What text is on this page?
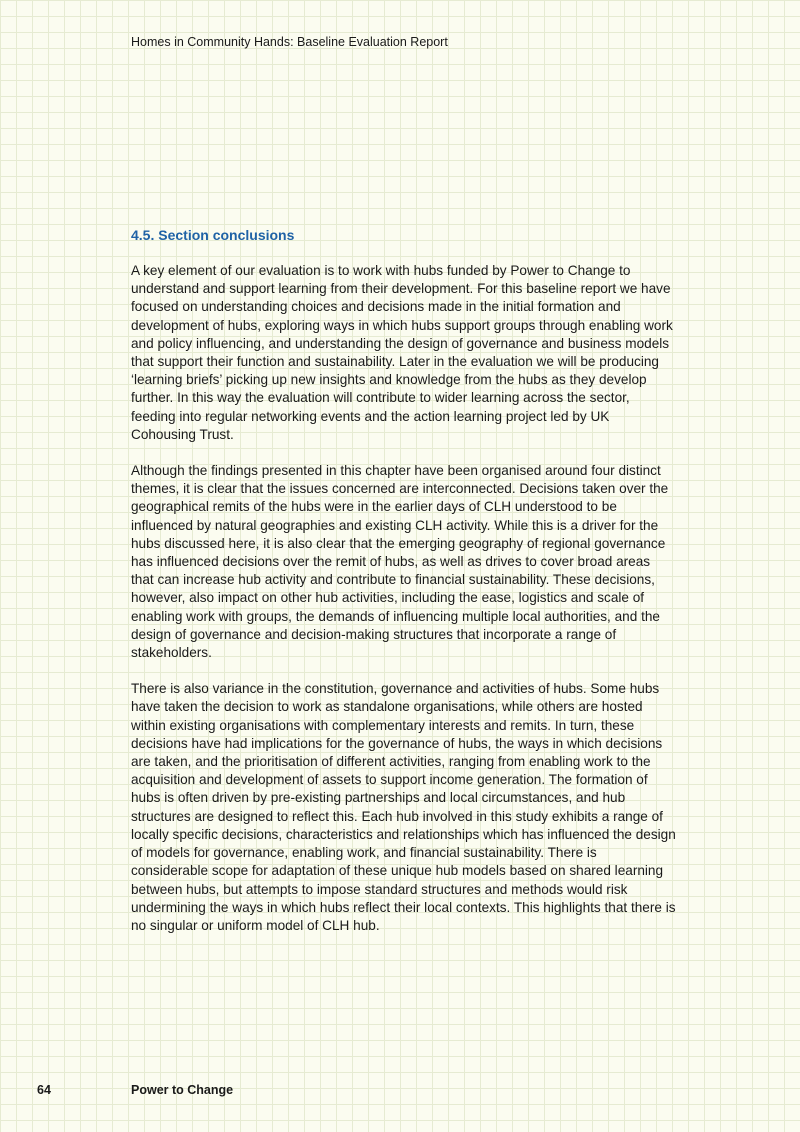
Homes in Community Hands: Baseline Evaluation Report
4.5. Section conclusions

A key element of our evaluation is to work with hubs funded by Power to Change to understand and support learning from their development. For this baseline report we have focused on understanding choices and decisions made in the initial formation and development of hubs, exploring ways in which hubs support groups through enabling work and policy influencing, and understanding the design of governance and business models that support their function and sustainability. Later in the evaluation we will be producing ‘learning briefs’ picking up new insights and knowledge from the hubs as they develop further. In this way the evaluation will contribute to wider learning across the sector, feeding into regular networking events and the action learning project led by UK Cohousing Trust.

Although the findings presented in this chapter have been organised around four distinct themes, it is clear that the issues concerned are interconnected. Decisions taken over the geographical remits of the hubs were in the earlier days of CLH understood to be influenced by natural geographies and existing CLH activity. While this is a driver for the hubs discussed here, it is also clear that the emerging geography of regional governance has influenced decisions over the remit of hubs, as well as drives to cover broad areas that can increase hub activity and contribute to financial sustainability. These decisions, however, also impact on other hub activities, including the ease, logistics and scale of enabling work with groups, the demands of influencing multiple local authorities, and the design of governance and decision-making structures that incorporate a range of stakeholders.

There is also variance in the constitution, governance and activities of hubs. Some hubs have taken the decision to work as standalone organisations, while others are hosted within existing organisations with complementary interests and remits. In turn, these decisions have had implications for the governance of hubs, the ways in which decisions are taken, and the prioritisation of different activities, ranging from enabling work to the acquisition and development of assets to support income generation. The formation of hubs is often driven by pre-existing partnerships and local circumstances, and hub structures are designed to reflect this. Each hub involved in this study exhibits a range of locally specific decisions, characteristics and relationships which has influenced the design of models for governance, enabling work, and financial sustainability. There is considerable scope for adaptation of these unique hub models based on shared learning between hubs, but attempts to impose standard structures and methods would risk undermining the ways in which hubs reflect their local contexts. This highlights that there is no singular or uniform model of CLH hub.

64	Power to Change
